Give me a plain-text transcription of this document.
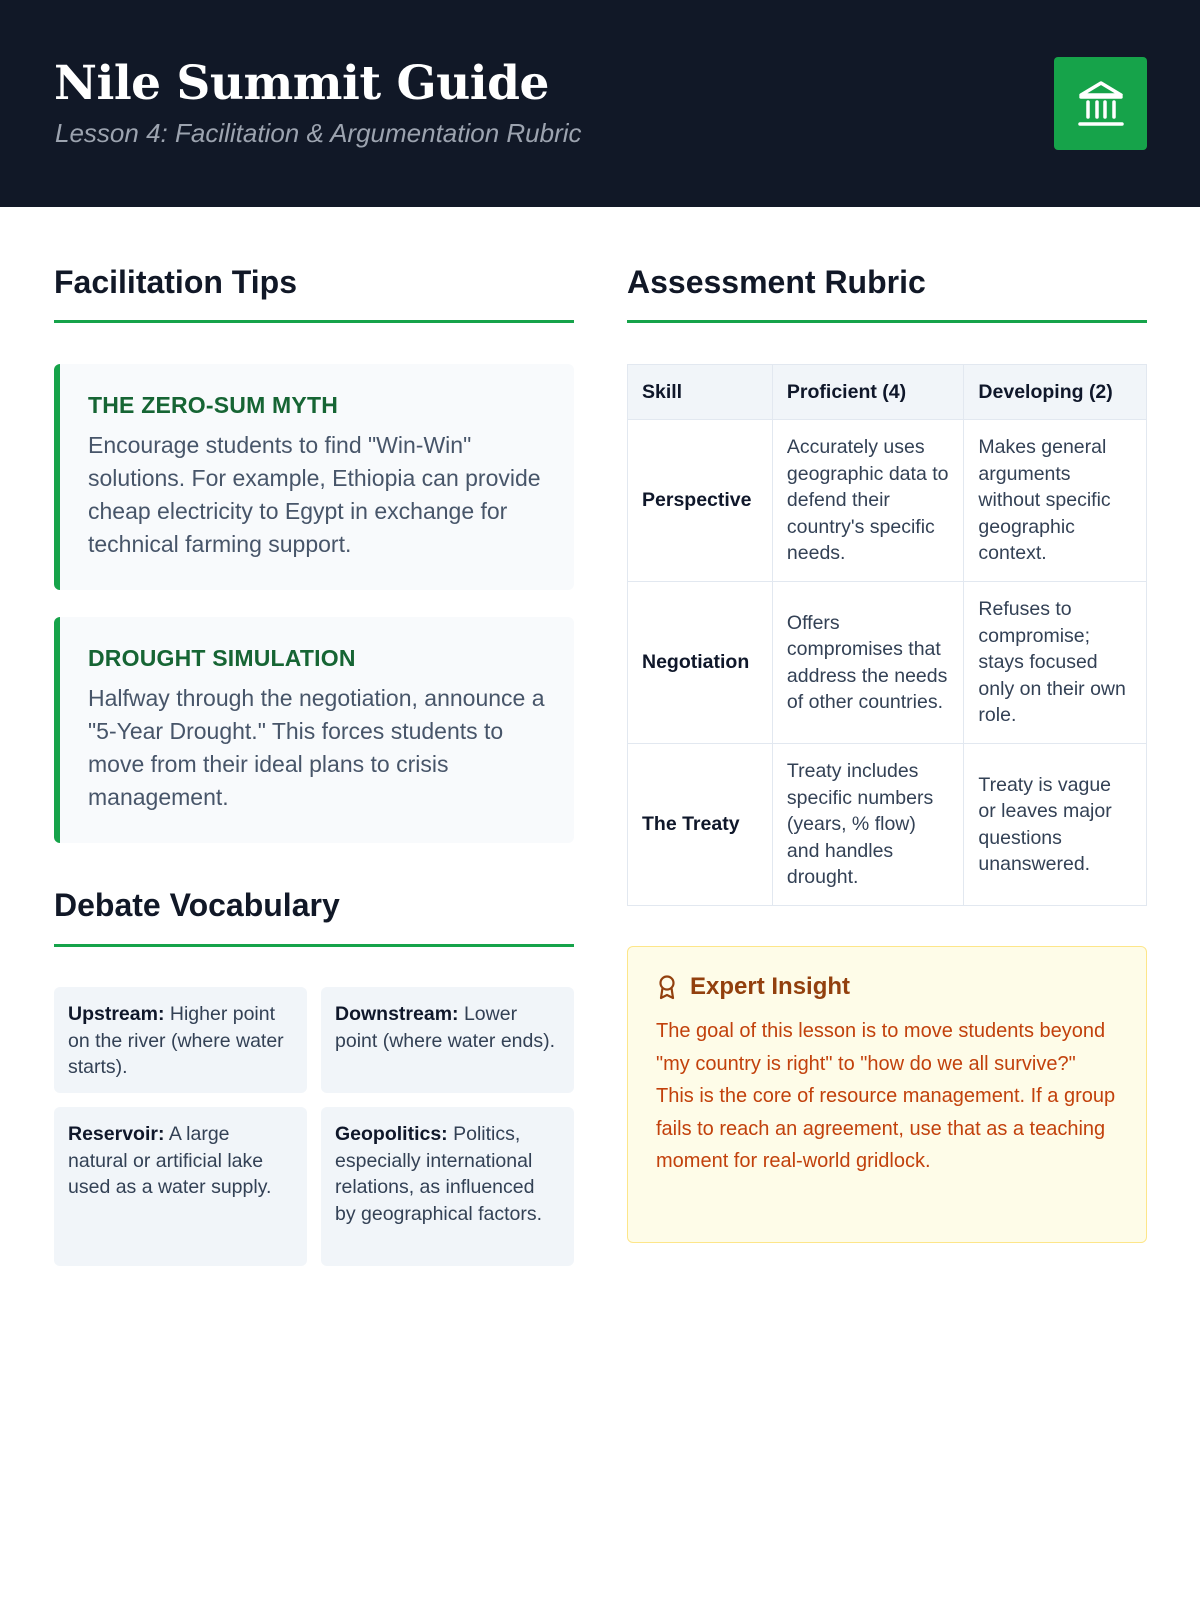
Nile Summit Guide
Lesson 4: Facilitation & Argumentation Rubric
Facilitation Tips
THE ZERO-SUM MYTH
Encourage students to find "Win-Win" solutions. For example, Ethiopia can provide cheap electricity to Egypt in exchange for technical farming support.
DROUGHT SIMULATION
Halfway through the negotiation, announce a "5-Year Drought." This forces students to move from their ideal plans to crisis management.
Debate Vocabulary
Upstream: Higher point on the river (where water starts).
Downstream: Lower point (where water ends).
Reservoir: A large natural or artificial lake used as a water supply.
Geopolitics: Politics, especially international relations, as influenced by geographical factors.
Assessment Rubric
Skill	Proficient (4)	Developing (2)
Perspective	Accurately uses geographic data to defend their country's specific needs.	Makes general arguments without specific geographic context.
Negotiation	Offers compromises that address the needs of other countries.	Refuses to compromise; stays focused only on their own role.
The Treaty	Treaty includes specific numbers (years, % flow) and handles drought.	Treaty is vague or leaves major questions unanswered.
Expert Insight
The goal of this lesson is to move students beyond "my country is right" to "how do we all survive?" This is the core of resource management. If a group fails to reach an agreement, use that as a teaching moment for real-world gridlock.
